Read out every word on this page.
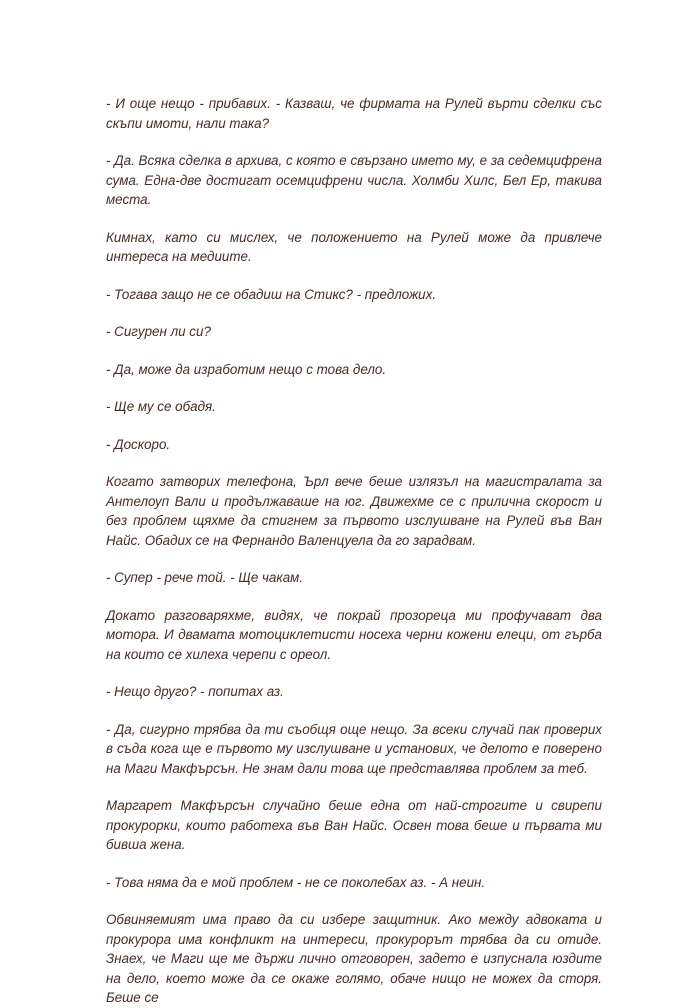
- И още нещо - прибавих. - Казваш, че фирмата на Рулей върти сделки със скъпи имоти, нали така?

- Да. Всяка сделка в архива, с която е свързано името му, е за седемцифрена сума. Една-две достигат осемцифрени числа. Холмби Хилс, Бел Ер, такива места.

Кимнах, като си мислех, че положението на Рулей може да привлече интереса на медиите.

- Тогава защо не се обадиш на Стикс? - предложих.

- Сигурен ли си?

- Да, може да изработим нещо с това дело.

- Ще му се обадя.

- Доскоро.

Когато затворих телефона, Ърл вече беше излязъл на магистралата за Антелоуп Вали и продължаваше на юг. Движехме се с прилична скорост и без проблем щяхме да стигнем за първото изслушване на Рулей във Ван Найс. Обадих се на Фернандо Валенцуела да го зарадвам.

- Супер - рече той. - Ще чакам.

Докато разговаряхме, видях, че покрай прозореца ми профучават два мотора. И двамата мотоциклетисти носеха черни кожени елеци, от гърба на които се хилеха черепи с ореол.

- Нещо друго? - попитах аз.

- Да, сигурно трябва да ти съобщя още нещо. За всеки случай пак проверих в съда кога ще е първото му изслушване и установих, че делото е поверено на Маги Макфърсън. Не знам дали това ще представлява проблем за теб.

Маргарет Макфърсън случайно беше една от най-строгите и свирепи прокурорки, които работеха във Ван Найс. Освен това беше и първата ми бивша жена.

- Това няма да е мой проблем - не се поколебах аз. - А неин.

Обвиняемият има право да си избере защитник. Ако между адвоката и прокурора има конфликт на интереси, прокурорът трябва да си отиде. Знаех, че Маги ще ме държи лично отговорен, задето е изпуснала юздите на дело, което може да се окаже голямо, обаче нищо не можех да сторя. Беше се
